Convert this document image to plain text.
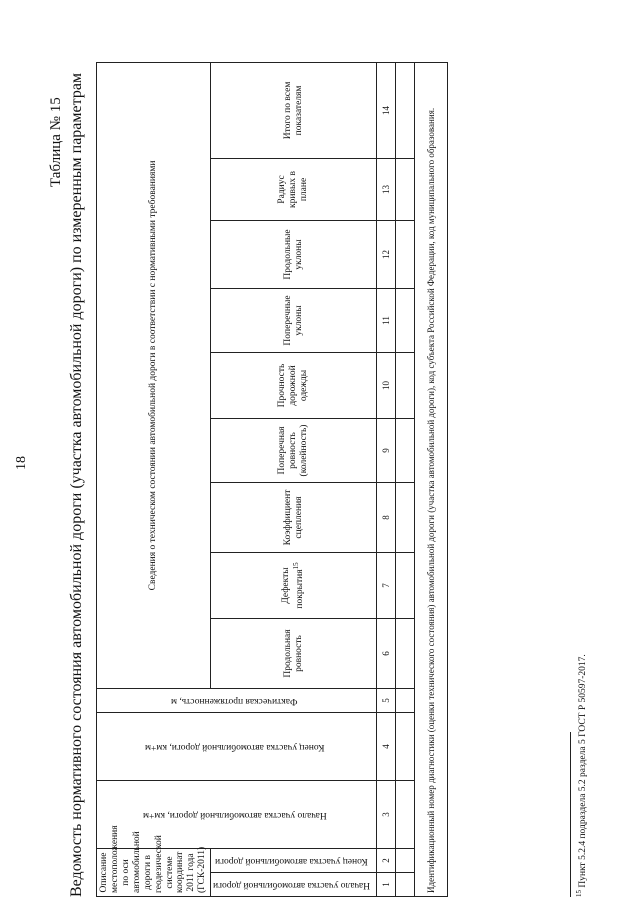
18
Таблица № 15 Ведомость нормативного состояния автомобильной дороги (участка автомобильной дороги) по измеренным параметрам Описание местоположения по оси автомобильной дороги в геодезической системе координат 2011 года (ГСК-2011)		Начало участка автомобильной дороги, км+м	Конец участка автомобильной дороги, км+м	Фактическая протяженность, м	Сведения о техническом состоянии автомобильной дороги в соответствии с нормативными требованиями								
Начало участка автомобильной дороги	Конец участка автомобильной дороги				Продольная ровность	Дефекты покрытия$^{15}$	Коэффициент сцепления	Поперечная ровность (колейность)	Прочность дорожной одежды	Поперечные уклоны	Продольные уклоны	Радиус кривых в плане	Итого по всем показателям
1	2	3	4	5	6	7	8	9	10	11	12	13	14

Идентификационный номер диагностики (оценки технического состояния) автомобильной дороги (участка автомобильной дороги), код субъекта Российской Федерации, код муниципального образования.													
$^{15}$ Пункт 5.2.4 подраздела 5.2 раздела 5 ГОСТ Р 50597-2017.
